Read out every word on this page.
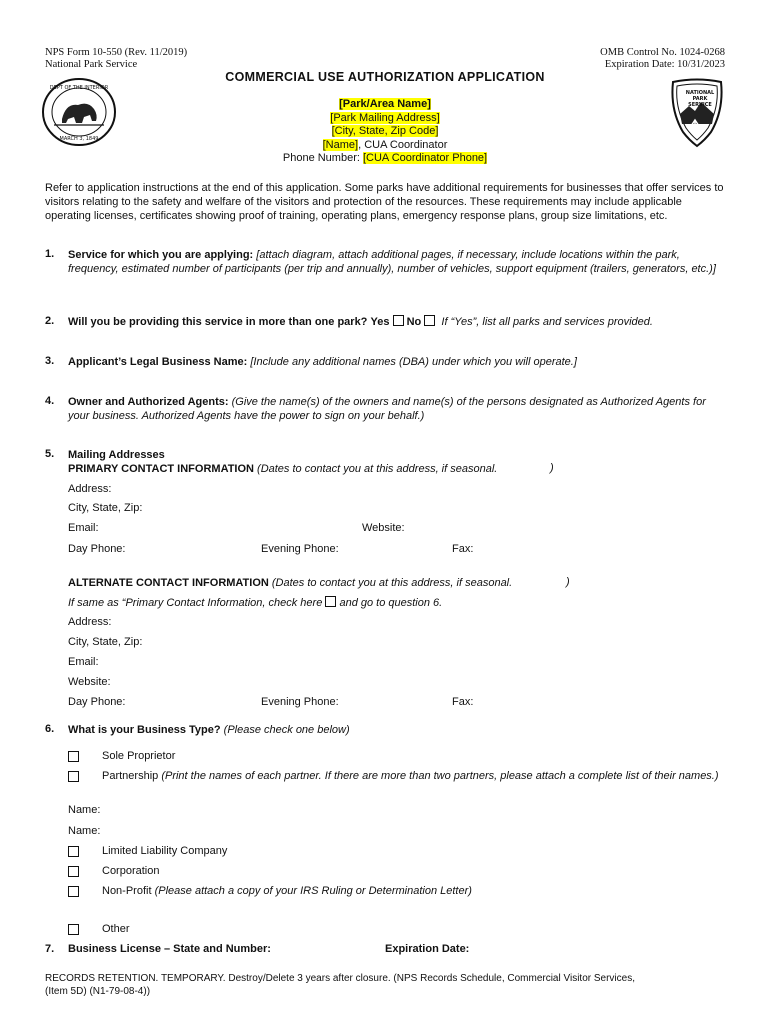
NPS Form 10-550 (Rev. 11/2019)
National Park Service
OMB Control No. 1024-0268
Expiration Date: 10/31/2023
DEPT OF THE INTERIOR
MARCH 3, 1849
NATIONAL
PARK
SERVICE
COMMERCIAL USE AUTHORIZATION APPLICATION
[Park/Area Name]
[Park Mailing Address]
[City, State, Zip Code]
[Name], CUA Coordinator
Phone Number: [CUA Coordinator Phone]
Refer to application instructions at the end of this application. Some parks have additional requirements for businesses that offer services to visitors relating to the safety and welfare of the visitors and protection of the resources. These requirements may include applicable operating licenses, certificates showing proof of training, operating plans, emergency response plans, group size limitations, etc.
1. Service for which you are applying: [attach diagram, attach additional pages, if necessary, include locations within the park, frequency, estimated number of participants (per trip and annually), number of vehicles, support equipment (trailers, generators, etc.)]
2. Will you be providing this service in more than one park? Yes No If “Yes”, list all parks and services provided.
3. Applicant’s Legal Business Name: [Include any additional names (DBA) under which you will operate.]
4. Owner and Authorized Agents: (Give the name(s) of the owners and name(s) of the persons designated as Authorized Agents for your business. Authorized Agents have the power to sign on your behalf.)
5. Mailing Addresses
PRIMARY CONTACT INFORMATION (Dates to contact you at this address, if seasonal.	)
Address:
City, State, Zip:
Email:	Website:
Day Phone:	Evening Phone:	Fax:
ALTERNATE CONTACT INFORMATION (Dates to contact you at this address, if seasonal.	)
If same as “Primary Contact Information, check here and go to question 6.
Address:
City, State, Zip:
Email:
Website:
Day Phone:	Evening Phone:	Fax:
6. What is your Business Type? (Please check one below)
Sole Proprietor
Partnership (Print the names of each partner. If there are more than two partners, please attach a complete list of their names.)
Name:
Name:
Limited Liability Company
Corporation
Non-Profit (Please attach a copy of your IRS Ruling or Determination Letter)
Other
7. Business License – State and Number:	Expiration Date:
RECORDS RETENTION. TEMPORARY. Destroy/Delete 3 years after closure. (NPS Records Schedule, Commercial Visitor Services,
(Item 5D) (N1-79-08-4))
